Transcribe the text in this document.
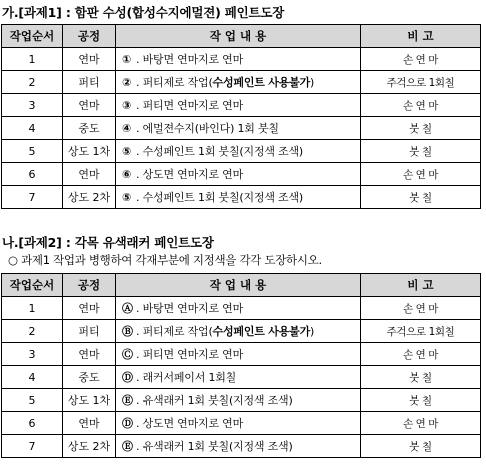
가.[과제1] : 함판 수성(합성수지에멀젼) 페인트도장
작업순서	공정	작 업 내 용	비 고
1	연마	① . 바탕면 연마지로 연마	손 연 마
2	퍼티	② . 퍼티제로 작업(수성페인트 사용불가)	주걱으로 1회칠
3	연마	③ . 퍼티면 연마지로 연마	손 연 마
4	중도	④ . 에멀젼수지(바인다) 1회 붓칠	붓 칠
5	상도 1차	⑤ . 수성페인트 1회 붓칠(지정색 조색)	붓 칠
6	연마	⑥ . 상도면 연마지로 연마	손 연 마
7	상도 2차	⑤ . 수성페인트 1회 붓칠(지정색 조색)	붓 칠
나.[과제2] : 각목 유색래커 페인트도장
○ 과제1 작업과 병행하여 각재부분에 지정색을 각각 도장하시오.
작업순서	공정	작 업 내 용	비 고
1	연마	Ⓐ . 바탕면 연마지로 연마	손 연 마
2	퍼티	Ⓑ . 퍼티제로 작업(수성페인트 사용불가)	주걱으로 1회칠
3	연마	Ⓒ . 퍼티면 연마지로 연마	손 연 마
4	중도	Ⓓ . 래커서페이서 1회칠	붓 칠
5	상도 1차	Ⓔ . 유색래커 1회 붓칠(지정색 조색)	붓 칠
6	연마	Ⓓ . 상도면 연마지로 연마	손 연 마
7	상도 2차	Ⓔ . 유색래커 1회 붓칠(지정색 조색)	붓 칠
